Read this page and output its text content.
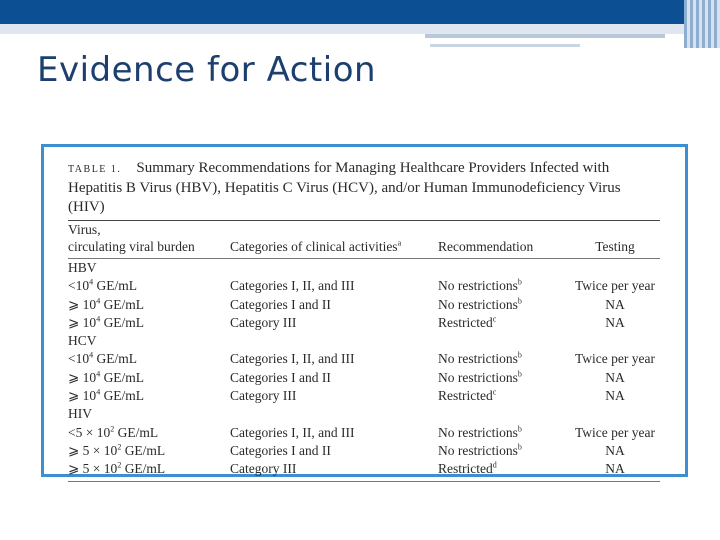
Evidence for Action
TABLE 1. Summary Recommendations for Managing Healthcare Providers Infected with Hepatitis B Virus (HBV), Hepatitis C Virus (HCV), and/or Human Immunodeficiency Virus (HIV)
Virus,
circulating viral burden	Categories of clinical activities$^a$	Recommendation	Testing
HBV			
$<10^4$ GE/mL	Categories I, II, and III	No restrictions$^b$	Twice per year
⩾ $10^4$ GE/mL	Categories I and II	No restrictions$^b$	NA
⩾ $10^4$ GE/mL	Category III	Restricted$^c$	NA
HCV			
$<10^4$ GE/mL	Categories I, II, and III	No restrictions$^b$	Twice per year
⩾ $10^4$ GE/mL	Categories I and II	No restrictions$^b$	NA
⩾ $10^4$ GE/mL	Category III	Restricted$^c$	NA
HIV			
$<5 \times 10^2$ GE/mL	Categories I, II, and III	No restrictions$^b$	Twice per year
⩾ $5 \times 10^2$ GE/mL	Categories I and II	No restrictions$^b$	NA
⩾ $5 \times 10^2$ GE/mL	Category III	Restricted$^d$	NA
